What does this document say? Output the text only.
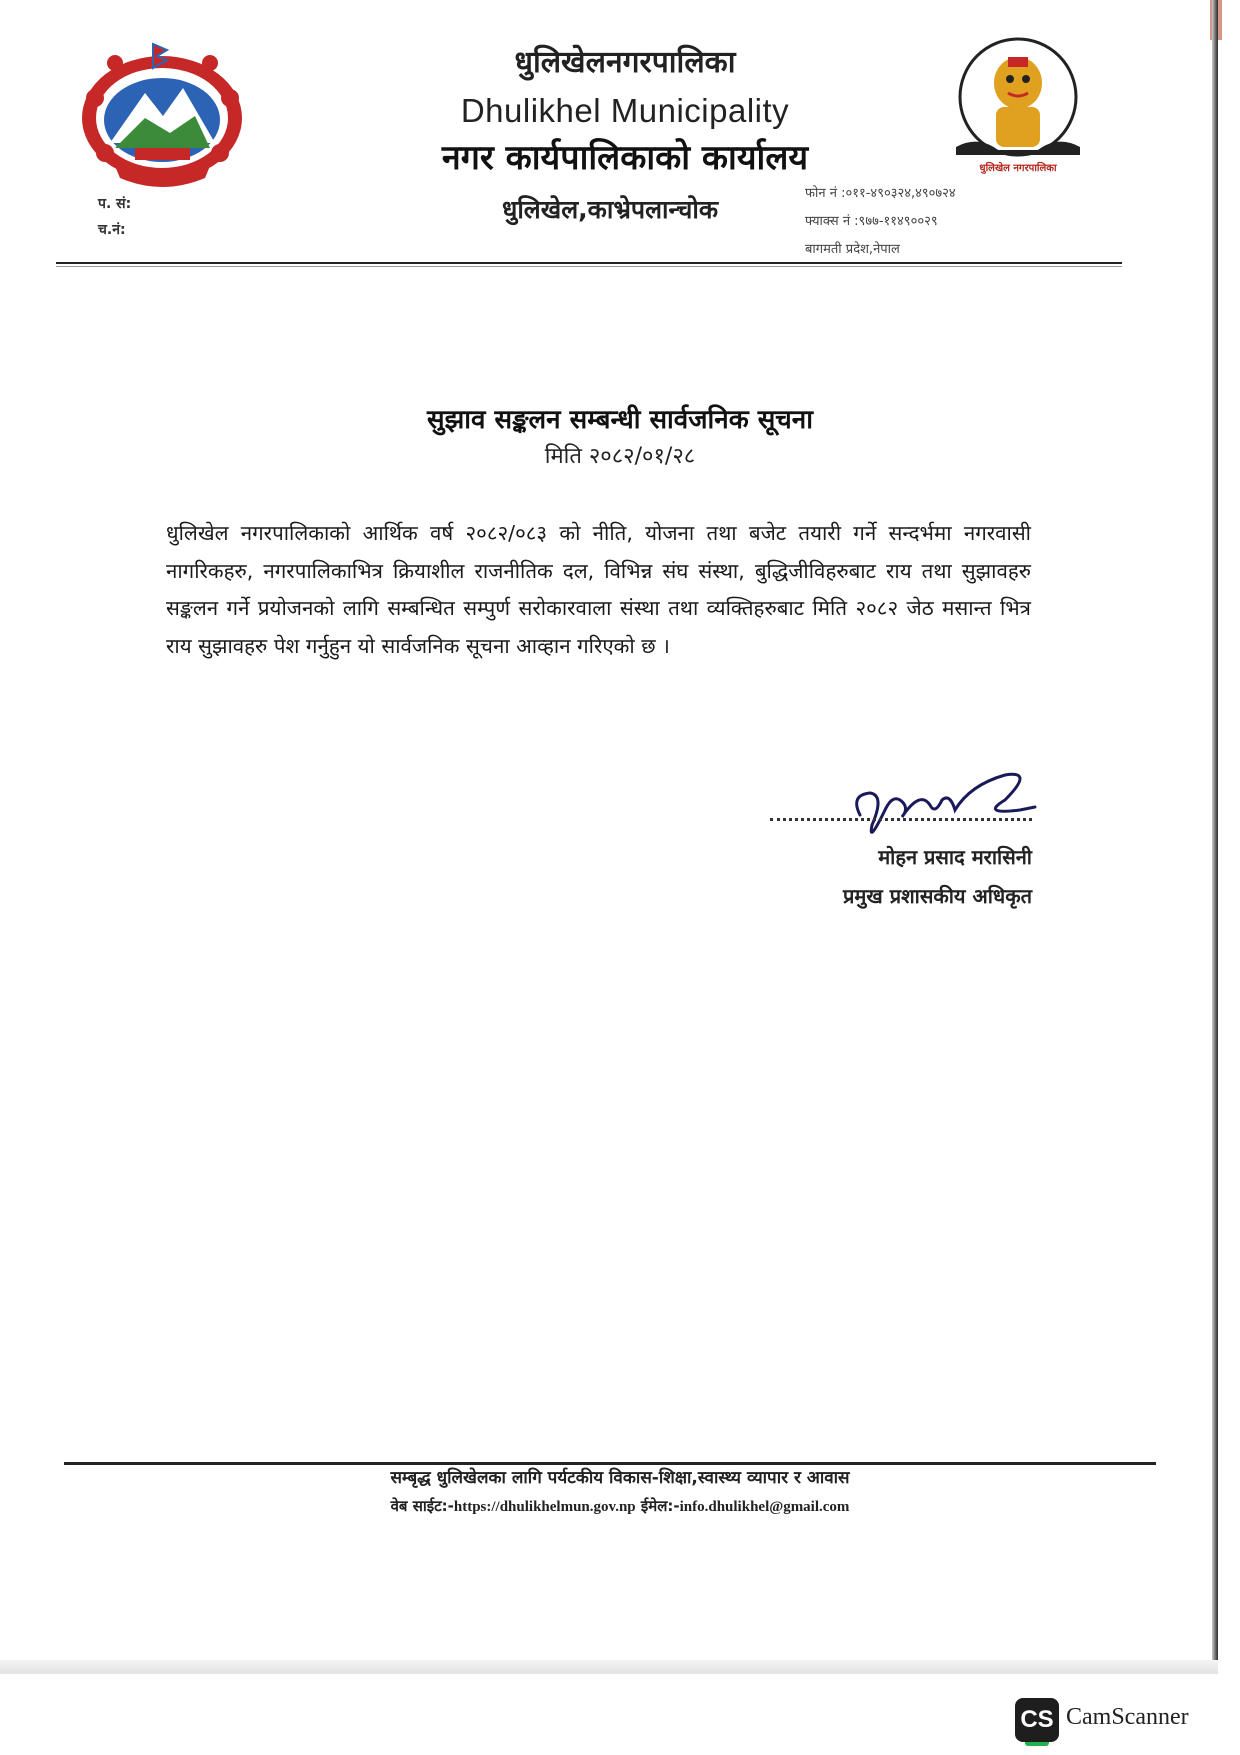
धुलिखेल नगरपालिका
धुलिखेलनगरपालिका
Dhulikhel Municipality
नगर कार्यपालिकाको कार्यालय
धुलिखेल,काभ्रेपलान्चोक
प. सं:
च.नं:
फोन नं :०११-४९०३२४,४९०७२४
फ्याक्स नं :९७७-११४९००२९
बागमती प्रदेश,नेपाल
सुझाव सङ्कलन सम्बन्धी सार्वजनिक सूचना
मिति २०८२/०१/२८
धुलिखेल नगरपालिकाको आर्थिक वर्ष २०८२/०८३ को नीति, योजना तथा बजेट तयारी गर्ने सन्दर्भमा नगरवासी नागरिकहरु, नगरपालिकाभित्र क्रियाशील राजनीतिक दल, विभिन्न संघ संस्था, बुद्धिजीविहरुबाट राय तथा सुझावहरु सङ्कलन गर्ने प्रयोजनको लागि सम्बन्धित सम्पुर्ण सरोकारवाला संस्था तथा व्यक्तिहरुबाट मिति २०८२ जेठ मसान्त भित्र राय सुझावहरु पेश गर्नुहुन यो सार्वजनिक सूचना आव्हान गरिएको छ ।
मोहन प्रसाद मरासिनी
प्रमुख प्रशासकीय अधिकृत
सम्बृद्ध धुलिखेलका लागि पर्यटकीय विकास-शिक्षा,स्वास्थ्य व्यापार र आवास
वेब साईट:-https://dhulikhelmun.gov.np ईमेल:-info.dhulikhel@gmail.com
CS CamScanner
